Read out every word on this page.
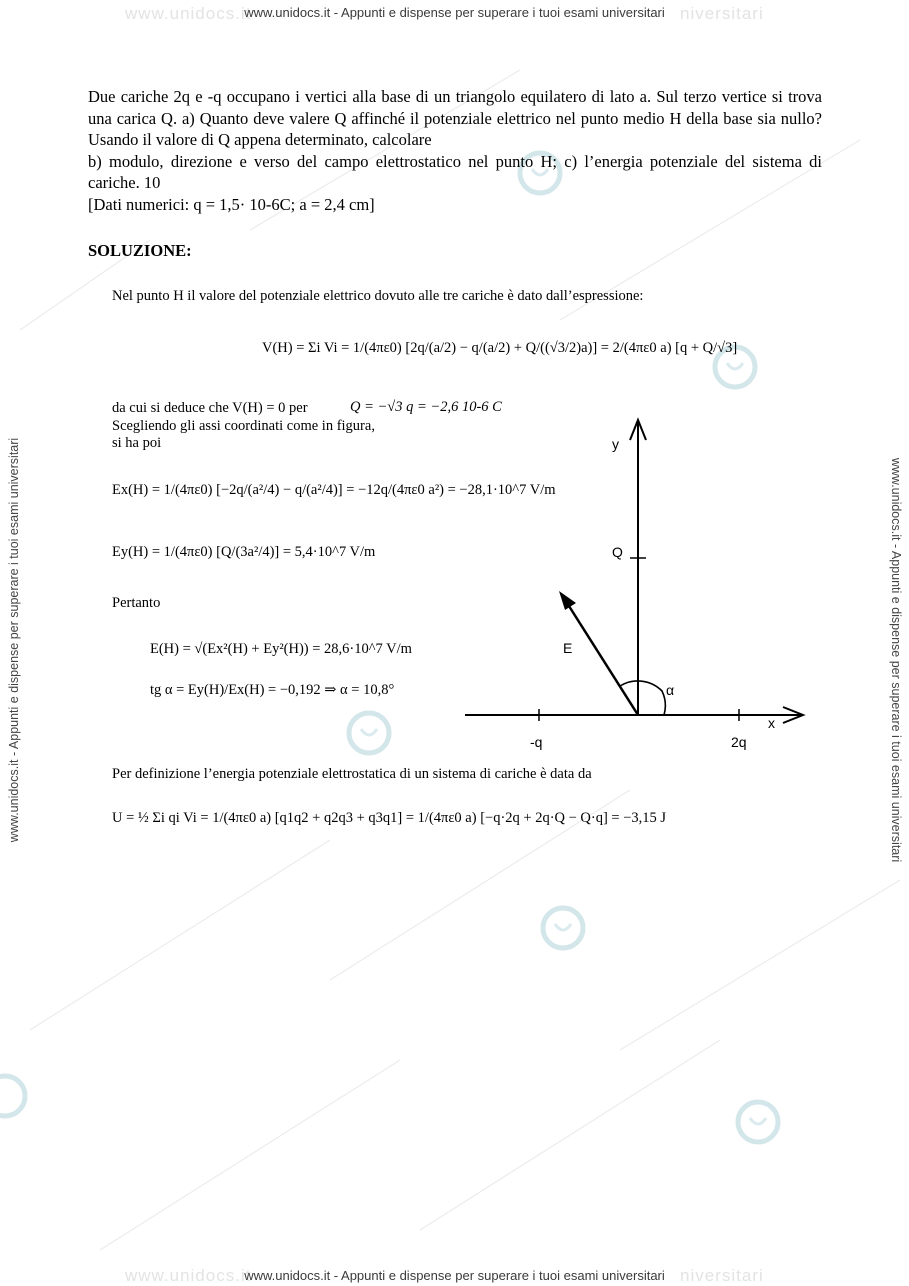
www.unidocs.it	niversitari
www.unidocs.it	niversitari
www.unidocs.it - Appunti e dispense per superare i tuoi esami universitari
www.unidocs.it - Appunti e dispense per superare i tuoi esami universitari
www.unidocs.it - Appunti e dispense per superare i tuoi esami universitari	www.unidocs.it - Appunti e dispense per superare i tuoi esami universitari

Due cariche 2q e -q occupano i vertici alla base di un triangolo equilatero di lato a. Sul terzo vertice si trova una carica Q. a) Quanto deve valere Q affinché il potenziale elettrico nel punto medio H della base sia nullo? Usando il valore di Q appena determinato, calcolare

b) modulo, direzione e verso del campo elettrostatico nel punto H; c) l’energia potenziale del sistema di cariche. 10

[Dati numerici: q = 1,5· 10-6C; a = 2,4 cm]

SOLUZIONE:
Nel punto H il valore del potenziale elettrico dovuto alle tre cariche è dato dall’espressione:
V(H) = Σi Vi = 1/(4πε0) [2q/(a/2) − q/(a/2) + Q/((√3/2)a)] = 2/(4πε0 a) [q + Q/√3]
da cui si deduce che V(H) = 0 per	Q = −√3 q = −2,6 10-6 C
Scegliendo gli assi coordinati come in figura,
si ha poi
Ex(H) = 1/(4πε0) [−2q/(a²/4) − q/(a²/4)] = −12q/(4πε0 a²) = −28,1·10^7 V/m
Ey(H) = 1/(4πε0) [Q/(3a²/4)] = 5,4·10^7 V/m
Pertanto
E(H) = √(Ex²(H) + Ey²(H)) = 28,6·10^7 V/m
tg α = Ey(H)/Ex(H) = −0,192 ⇒ α = 10,8°
Per definizione l’energia potenziale elettrostatica di un sistema di cariche è data da
U = ½ Σi qi Vi = 1/(4πε0 a) [q1q2 + q2q3 + q3q1] = 1/(4πε0 a) [−q·2q + 2q·Q − Q·q] = −3,15 J
y
Q
E
α
x
-q	2q
